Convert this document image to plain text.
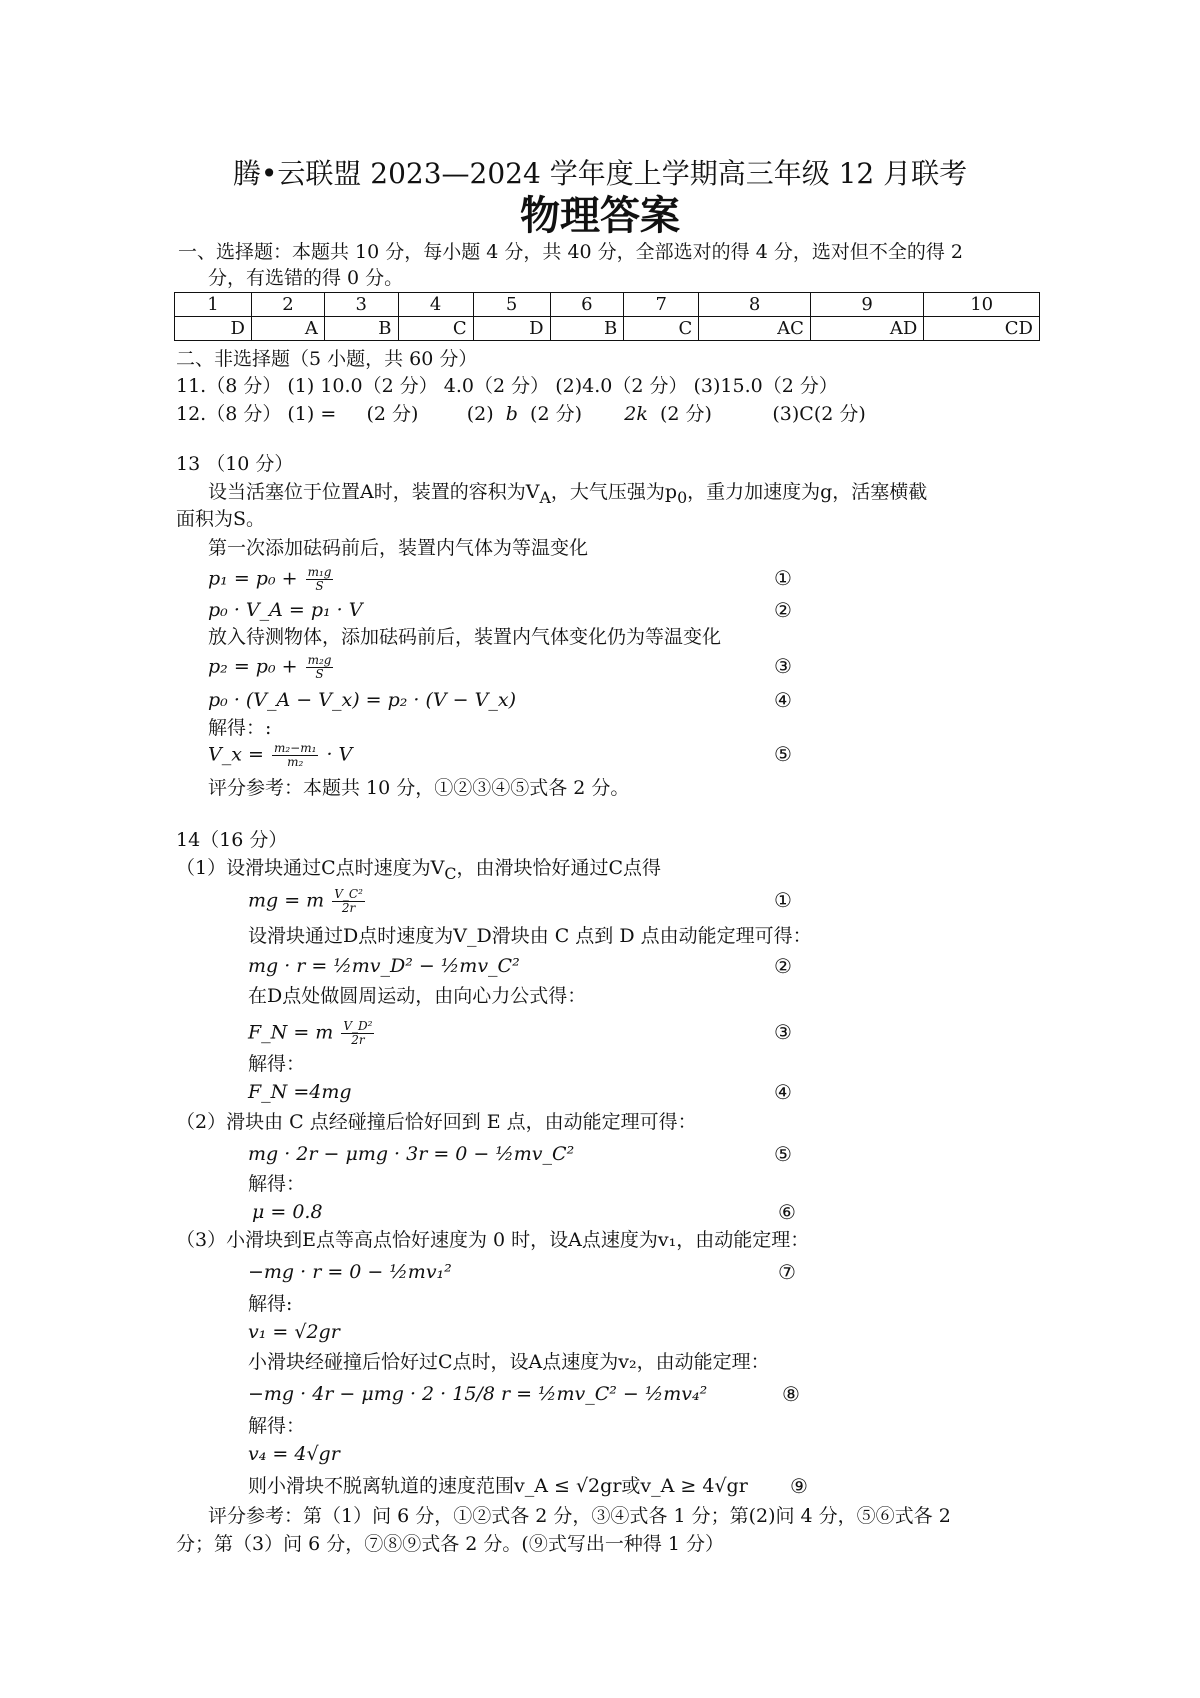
腾•云联盟 2023—2024 学年度上学期高三年级 12 月联考
物理答案
一、选择题：本题共 10 分，每小题 4 分，共 40 分，全部选对的得 4 分，选对但不全的得 2
分，有选错的得 0 分。
1	2	3	4	5	6	7	8	9	10
D	A	B	C	D	B	C	AC	AD	CD
二、非选择题（5 小题，共 60 分）
11.（8 分） (1) 10.0（2 分） 4.0（2 分） (2)4.0（2 分） (3)15.0（2 分）
12.（8 分） (1) = (2 分)	(2) b (2 分) 2k (2 分)	(3)C(2 分)
13 （10 分）
设当活塞位于位置A时，装置的容积为$V_A$，大气压强为$p_0$，重力加速度为g，活塞横截
面积为S。
第一次添加砝码前后，装置内气体为等温变化
$p_1 = p_0 + \frac{\text{m₁g}}{S}$	①
p₀ · V_A = p₁ · V	②
放入待测物体，添加砝码前后，装置内气体变化仍为等温变化
$p_2 = p_0 + \frac{\text{m₂g}}{S}$	③
p₀ · (V_A − V_x) = p₂ · (V − V_x)	④
解得：:
V_x = $\frac{\text{m₂−m₁}}{\text{m₂}} \cdot V$	⑤
评分参考：本题共 10 分，①②③④⑤式各 2 分。
14（16 分）
（1）设滑块通过C点时速度为$V_C$，由滑块恰好通过C点得
mg = m $\frac{\text{V\_C²}}{2r}$	①
设滑块通过D点时速度为V_D滑块由 C 点到 D 点由动能定理可得：
mg · r = ½mv_D² − ½mv_C²	②
在D点处做圆周运动，由向心力公式得：
F_N = m $\frac{\text{V\_D²}}{2r}$	③
解得：
F_N =4mg	④
（2）滑块由 C 点经碰撞后恰好回到 E 点，由动能定理可得：
mg · 2r − μmg · 3r = 0 − ½mv_C²	⑤
解得：
μ = 0.8	⑥
（3）小滑块到E点等高点恰好速度为 0 时，设A点速度为v₁，由动能定理：
−mg · r = 0 − ½mv₁²	⑦
解得:
v₁ = √2gr
小滑块经碰撞后恰好过C点时，设A点速度为v₂，由动能定理：
−mg · 4r − μmg · 2 · 15/8 r = ½mv_C² − ½mv₄²	⑧
解得：
v₄ = 4√gr
则小滑块不脱离轨道的速度范围v_A ≤ √2gr或v_A ≥ 4√gr ⑨
评分参考：第（1）问 6 分，①②式各 2 分，③④式各 1 分；第(2)问 4 分，⑤⑥式各 2
分；第（3）问 6 分，⑦⑧⑨式各 2 分。(⑨式写出一种得 1 分）
